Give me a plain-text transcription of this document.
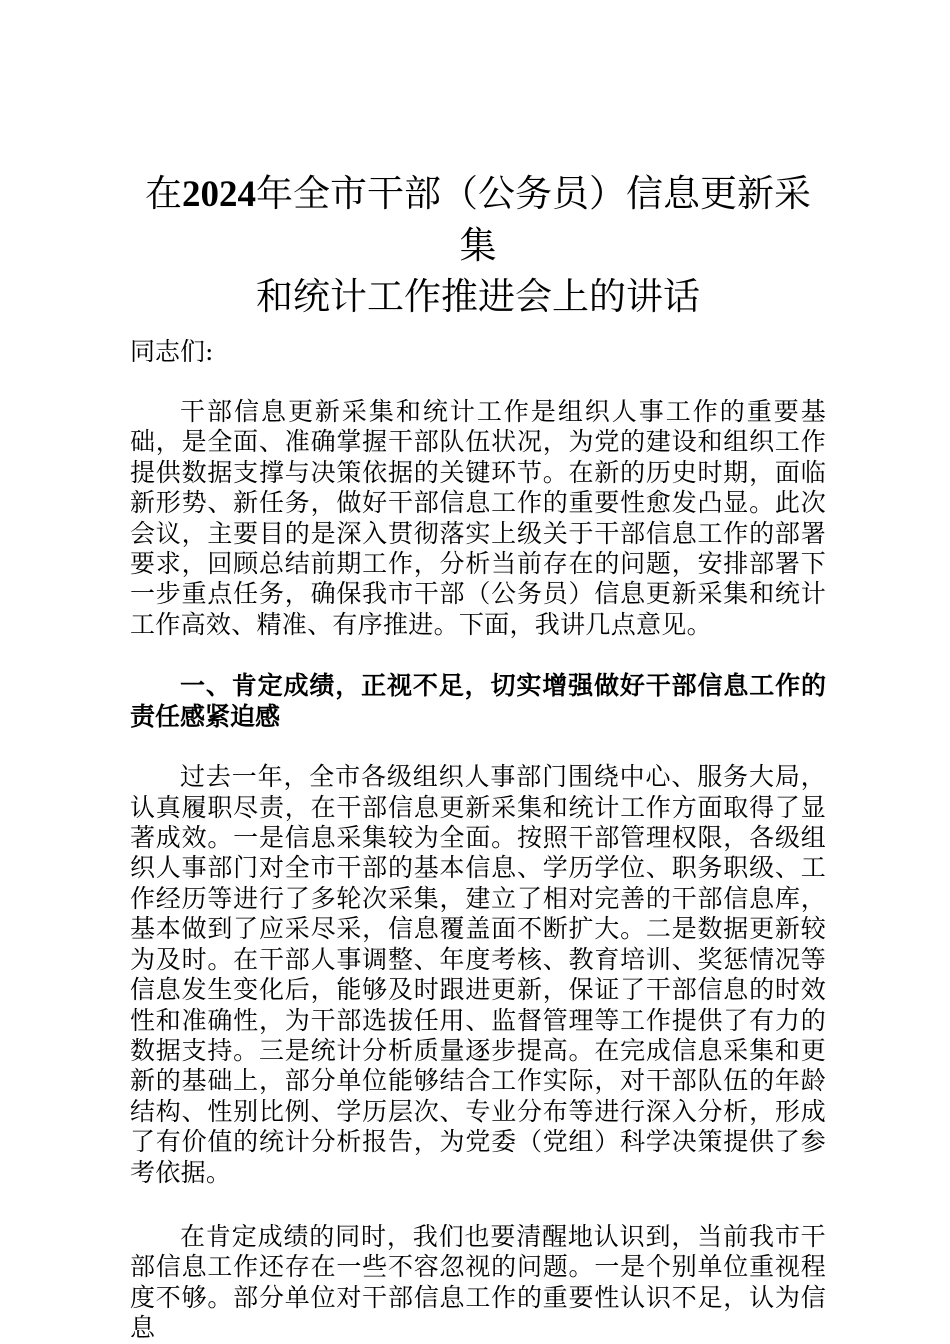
在2024年全市干部（公务员）信息更新采集
和统计工作推进会上的讲话

同志们:

干部信息更新采集和统计工作是组织人事工作的重要基础，是全面、准确掌握干部队伍状况，为党的建设和组织工作提供数据支撑与决策依据的关键环节。在新的历史时期，面临新形势、新任务，做好干部信息工作的重要性愈发凸显。此次会议，主要目的是深入贯彻落实上级关于干部信息工作的部署要求，回顾总结前期工作，分析当前存在的问题，安排部署下一步重点任务，确保我市干部（公务员）信息更新采集和统计工作高效、精准、有序推进。下面，我讲几点意见。

一、肯定成绩，正视不足，切实增强做好干部信息工作的责任感紧迫感

过去一年，全市各级组织人事部门围绕中心、服务大局，认真履职尽责，在干部信息更新采集和统计工作方面取得了显著成效。一是信息采集较为全面。按照干部管理权限，各级组织人事部门对全市干部的基本信息、学历学位、职务职级、工作经历等进行了多轮次采集，建立了相对完善的干部信息库，基本做到了应采尽采，信息覆盖面不断扩大。二是数据更新较为及时。在干部人事调整、年度考核、教育培训、奖惩情况等信息发生变化后，能够及时跟进更新，保证了干部信息的时效性和准确性，为干部选拔任用、监督管理等工作提供了有力的数据支持。三是统计分析质量逐步提高。在完成信息采集和更新的基础上，部分单位能够结合工作实际，对干部队伍的年龄结构、性别比例、学历层次、专业分布等进行深入分析，形成了有价值的统计分析报告，为党委（党组）科学决策提供了参考依据。

在肯定成绩的同时，我们也要清醒地认识到，当前我市干部信息工作还存在一些不容忽视的问题。一是个别单位重视程度不够。部分单位对干部信息工作的重要性认识不足，认为信息
